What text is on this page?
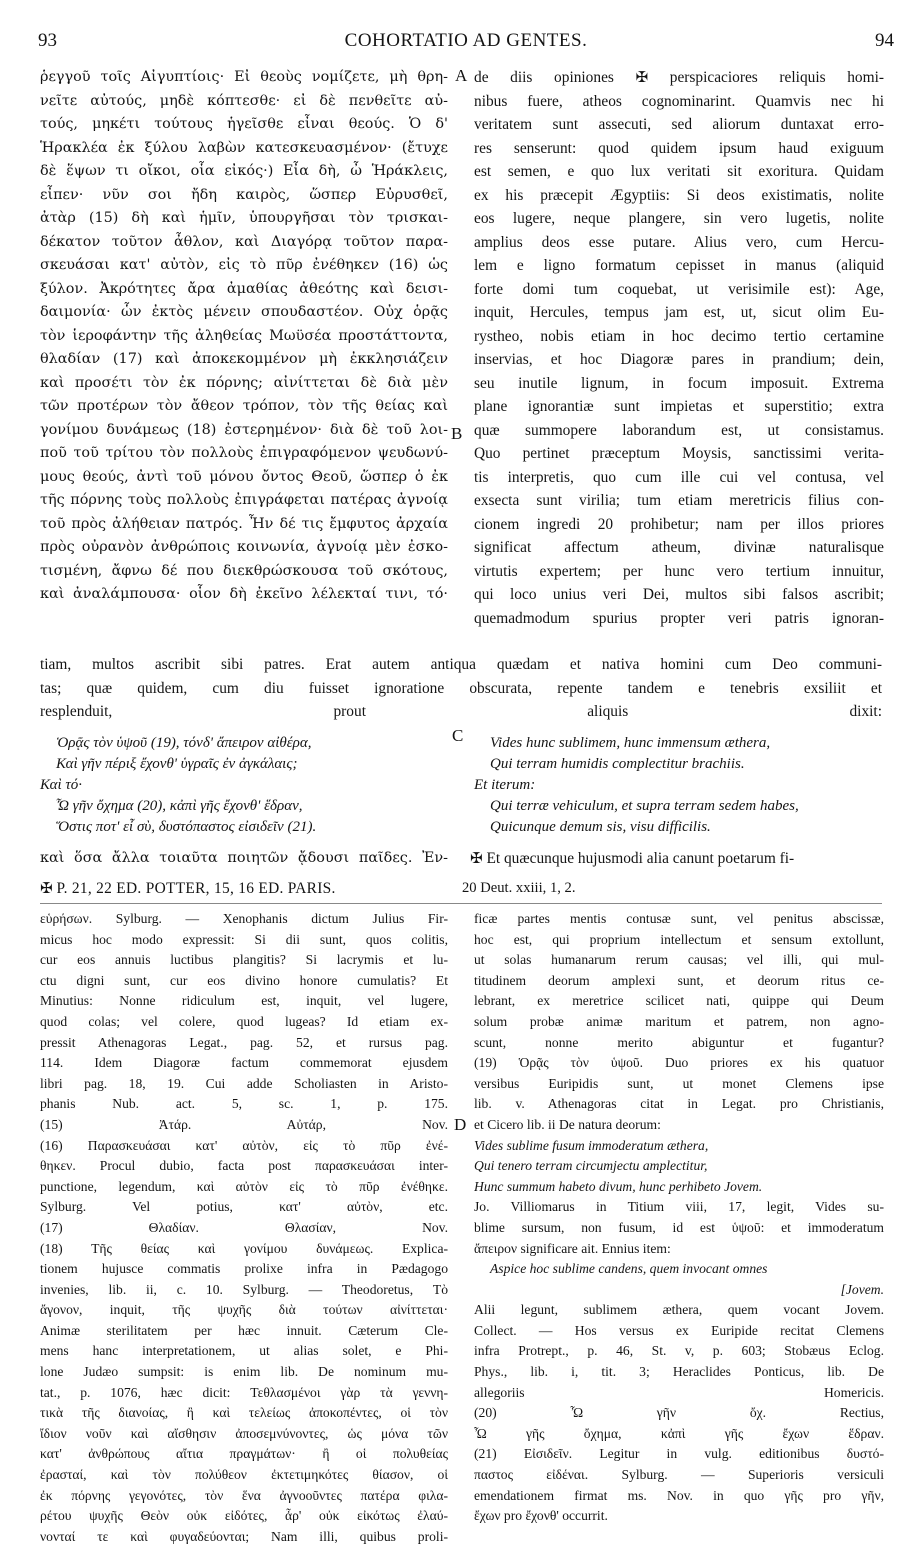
93	COHORTATIO AD GENTES.	94
ῥεγγοῦ τοῖς Αἰγυπτίοις· Εἰ θεοὺς νομίζετε, μὴ θρη-
νεῖτε αὐτούς, μηδὲ κόπτεσθε· εἰ δὲ πενθεῖτε αὐ-
τούς, μηκέτι τούτους ἡγεῖσθε εἶναι θεούς. Ὁ δ'
Ἡρακλέα ἐκ ξύλου λαβὼν κατεσκευασμένον· (ἔτυχε
δὲ ἕψων τι οἴκοι, οἷα εἰκός·) Εἶα δὴ, ὦ Ἡράκλεις,
εἶπεν· νῦν σοι ἤδη καιρὸς, ὥσπερ Εὐρυσθεῖ,
ἀτὰρ (15) δὴ καὶ ἡμῖν, ὑπουργῆσαι τὸν τρισκαι-
δέκατον τοῦτον ἆθλον, καὶ Διαγόρᾳ τοῦτον παρα-
σκευάσαι κατ' αὐτὸν, εἰς τὸ πῦρ ἐνέθηκεν (16) ὡς
ξύλον. Ἀκρότητες ἄρα ἀμαθίας ἀθεότης καὶ δεισι-
δαιμονία· ὧν ἐκτὸς μένειν σπουδαστέον. Οὐχ ὁρᾷς
τὸν ἱεροφάντην τῆς ἀληθείας Μωϋσέα προστάττοντα,
θλαδίαν (17) καὶ ἀποκεκομμένον μὴ ἐκκλησιάζειν
καὶ προσέτι τὸν ἐκ πόρνης; αἰνίττεται δὲ διὰ μὲν
τῶν προτέρων τὸν ἄθεον τρόπον, τὸν τῆς θείας καὶ
γονίμου δυνάμεως (18) ἐστερημένον· διὰ δὲ τοῦ λοι-
ποῦ τοῦ τρίτου τὸν πολλοὺς ἐπιγραφόμενον ψευδωνύ-
μους θεούς, ἀντὶ τοῦ μόνου ὄντος Θεοῦ, ὥσπερ ὁ ἐκ
τῆς πόρνης τοὺς πολλοὺς ἐπιγράφεται πατέρας ἀγνοίᾳ
τοῦ πρὸς ἀλήθειαν πατρός. Ἦν δέ τις ἔμφυτος ἀρχαία
πρὸς οὐρανὸν ἀνθρώποις κοινωνία, ἀγνοίᾳ μὲν ἐσκο-
τισμένη, ἄφνω δέ που διεκθρώσκουσα τοῦ σκότους,
καὶ ἀναλάμπουσα· οἷον δὴ ἐκεῖνο λέλεκταί τινι, τό·
A
B
C
D
de diis opiniones ✠ perspicaciores reliquis homi-
nibus fuere, atheos cognominarint. Quamvis nec hi
veritatem sunt assecuti, sed aliorum duntaxat erro-
res senserunt: quod quidem ipsum haud exiguum
est semen, e quo lux veritati sit exoritura. Quidam
ex his præcepit Ægyptiis: Si deos existimatis, nolite
eos lugere, neque plangere, sin vero lugetis, nolite
amplius deos esse putare. Alius vero, cum Hercu-
lem e ligno formatum cepisset in manus (aliquid
forte domi tum coquebat, ut verisimile est): Age,
inquit, Hercules, tempus jam est, ut, sicut olim Eu-
rystheo, nobis etiam in hoc decimo tertio certamine
inservias, et hoc Diagoræ pares in prandium; dein,
seu inutile lignum, in focum imposuit. Extrema
plane ignorantiæ sunt impietas et superstitio; extra
quæ summopere laborandum est, ut consistamus.
Quo pertinet præceptum Moysis, sanctissimi verita-
tis interpretis, quo cum ille cui vel contusa, vel
exsecta sunt virilia; tum etiam meretricis filius con-
cionem ingredi 20 prohibetur; nam per illos priores
significat affectum atheum, divinæ naturalisque
virtutis expertem; per hunc vero tertium innuitur,
qui loco unius veri Dei, multos sibi falsos ascribit;
quemadmodum spurius propter veri patris ignoran-
tiam, multos ascribit sibi patres. Erat autem antiqua quædam et nativa homini cum Deo communi-
tas; quæ quidem, cum diu fuisset ignoratione obscurata, repente tandem e tenebris exsiliit et
resplenduit, prout aliquis dixit:
Ὁρᾷς τὸν ὑψοῦ (19), τόνδ' ἄπειρον αἰθέρα,
Καὶ γῆν πέριξ ἔχονθ' ὑγραῖς ἐν ἀγκάλαις;
Καὶ τό·
Ὦ γῆν ὄχημα (20), κἀπὶ γῆς ἔχονθ' ἕδραν,
Ὅστις ποτ' εἶ σὺ, δυστόπαστος εἰσιδεῖν (21).
Vides hunc sublimem, hunc immensum æthera,
Qui terram humidis complectitur brachiis.
Et iterum:
Qui terræ vehiculum, et supra terram sedem habes,
Quicunque demum sis, visu difficilis.
καὶ ὅσα ἄλλα τοιαῦτα ποιητῶν ᾄδουσι παῖδες. Ἐν- ✠ Et quæcunque hujusmodi alia canunt poetarum fi-
✠ P. 21, 22 ED. POTTER, 15, 16 ED. PARIS.	20 Deut. xxiii, 1, 2.
εὑρήσων. Sylburg. — Xenophanis dictum Julius Fir-
micus hoc modo expressit: Si dii sunt, quos colitis,
cur eos annuis luctibus plangitis? Si lacrymis et lu-
ctu digni sunt, cur eos divino honore cumulatis? Et
Minutius: Nonne ridiculum est, inquit, vel lugere,
quod colas; vel colere, quod lugeas? Id etiam ex-
pressit Athenagoras Legat., pag. 52, et rursus pag.
114. Idem Diagoræ factum commemorat ejusdem
libri pag. 18, 19. Cui adde Scholiasten in Aristo-
phanis Nub. act. 5, sc. 1, p. 175.
(15) Ἀτάρ. Αὐτάρ, Nov.
(16) Παρασκευάσαι κατ' αὐτὸν, εἰς τὸ πῦρ ἐνέ-
θηκεν. Procul dubio, facta post παρασκευάσαι inter-
punctione, legendum, καὶ αὐτὸν εἰς τὸ πῦρ ἐνέθηκε.
Sylburg. Vel potius, κατ' αὐτὸν, etc.
(17) Θλαδίαν. Θλασίαν, Nov.
(18) Τῆς θείας καὶ γονίμου δυνάμεως. Explica-
tionem hujusce commatis prolixe infra in Pædagogo
invenies, lib. ii, c. 10. Sylburg. — Theodoretus, Τὸ
ἄγονον, inquit, τῆς ψυχῆς διὰ τούτων αἰνίττεται·
Animæ sterilitatem per hæc innuit. Cæterum Cle-
mens hanc interpretationem, ut alias solet, e Phi-
lone Judæo sumpsit: is enim lib. De nominum mu-
tat., p. 1076, hæc dicit: Τεθλασμένοι γὰρ τὰ γεννη-
τικὰ τῆς διανοίας, ἢ καὶ τελείως ἀποκοπέντες, οἱ τὸν
ἴδιον νοῦν καὶ αἴσθησιν ἀποσεμνύνοντες, ὡς μόνα τῶν
κατ' ἀνθρώπους αἴτια πραγμάτων· ἢ οἱ πολυθείας
ἐρασταί, καὶ τὸν πολύθεον ἐκτετιμηκότες θίασον, οἱ
ἐκ πόρνης γεγονότες, τὸν ἕνα ἀγνοοῦντες πατέρα φιλα-
ρέτου ψυχῆς Θεὸν οὐκ εἰδότες, ἆρ' οὐκ εἰκότως ἐλαύ-
νονταί τε καὶ φυγαδεύονται; Nam illi, quibus proli-
ficæ partes mentis contusæ sunt, vel penitus abscissæ,
hoc est, qui proprium intellectum et sensum extollunt,
ut solas humanarum rerum causas; vel illi, qui mul-
titudinem deorum amplexi sunt, et deorum ritus ce-
lebrant, ex meretrice scilicet nati, quippe qui Deum
solum probæ animæ maritum et patrem, non agno-
scunt, nonne merito abiguntur et fugantur?
(19) Ὁρᾷς τὸν ὑψοῦ. Duo priores ex his quatuor
versibus Euripidis sunt, ut monet Clemens ipse
lib. v. Athenagoras citat in Legat. pro Christianis,
et Cicero lib. ii De natura deorum:
Vides sublime fusum immoderatum æthera,
Qui tenero terram circumjectu amplectitur,
Hunc summum habeto divum, hunc perhibeto Jovem.
Jo. Villiomarus in Titium viii, 17, legit, Vides su-
blime sursum, non fusum, id est ὑψοῦ: et immoderatum
ἄπειρον significare ait. Ennius item:
Aspice hoc sublime candens, quem invocant omnes
[Jovem.
Alii legunt, sublimem æthera, quem vocant Jovem.
Collect. — Hos versus ex Euripide recitat Clemens
infra Protrept., p. 46, St. v, p. 603; Stobæus Eclog.
Phys., lib. i, tit. 3; Heraclides Ponticus, lib. De
allegoriis Homericis.
(20) Ὦ γῆν ὄχ. Rectius,
Ὦ γῆς ὄχημα, κἀπὶ γῆς ἔχων ἕδραν.
(21) Εἰσιδεῖν. Legitur in vulg. editionibus δυστό-
παστος εἰδέναι. Sylburg. — Superioris versiculi
emendationem firmat ms. Nov. in quo γῆς pro γῆν,
ἔχων pro ἔχονθ' occurrit.
